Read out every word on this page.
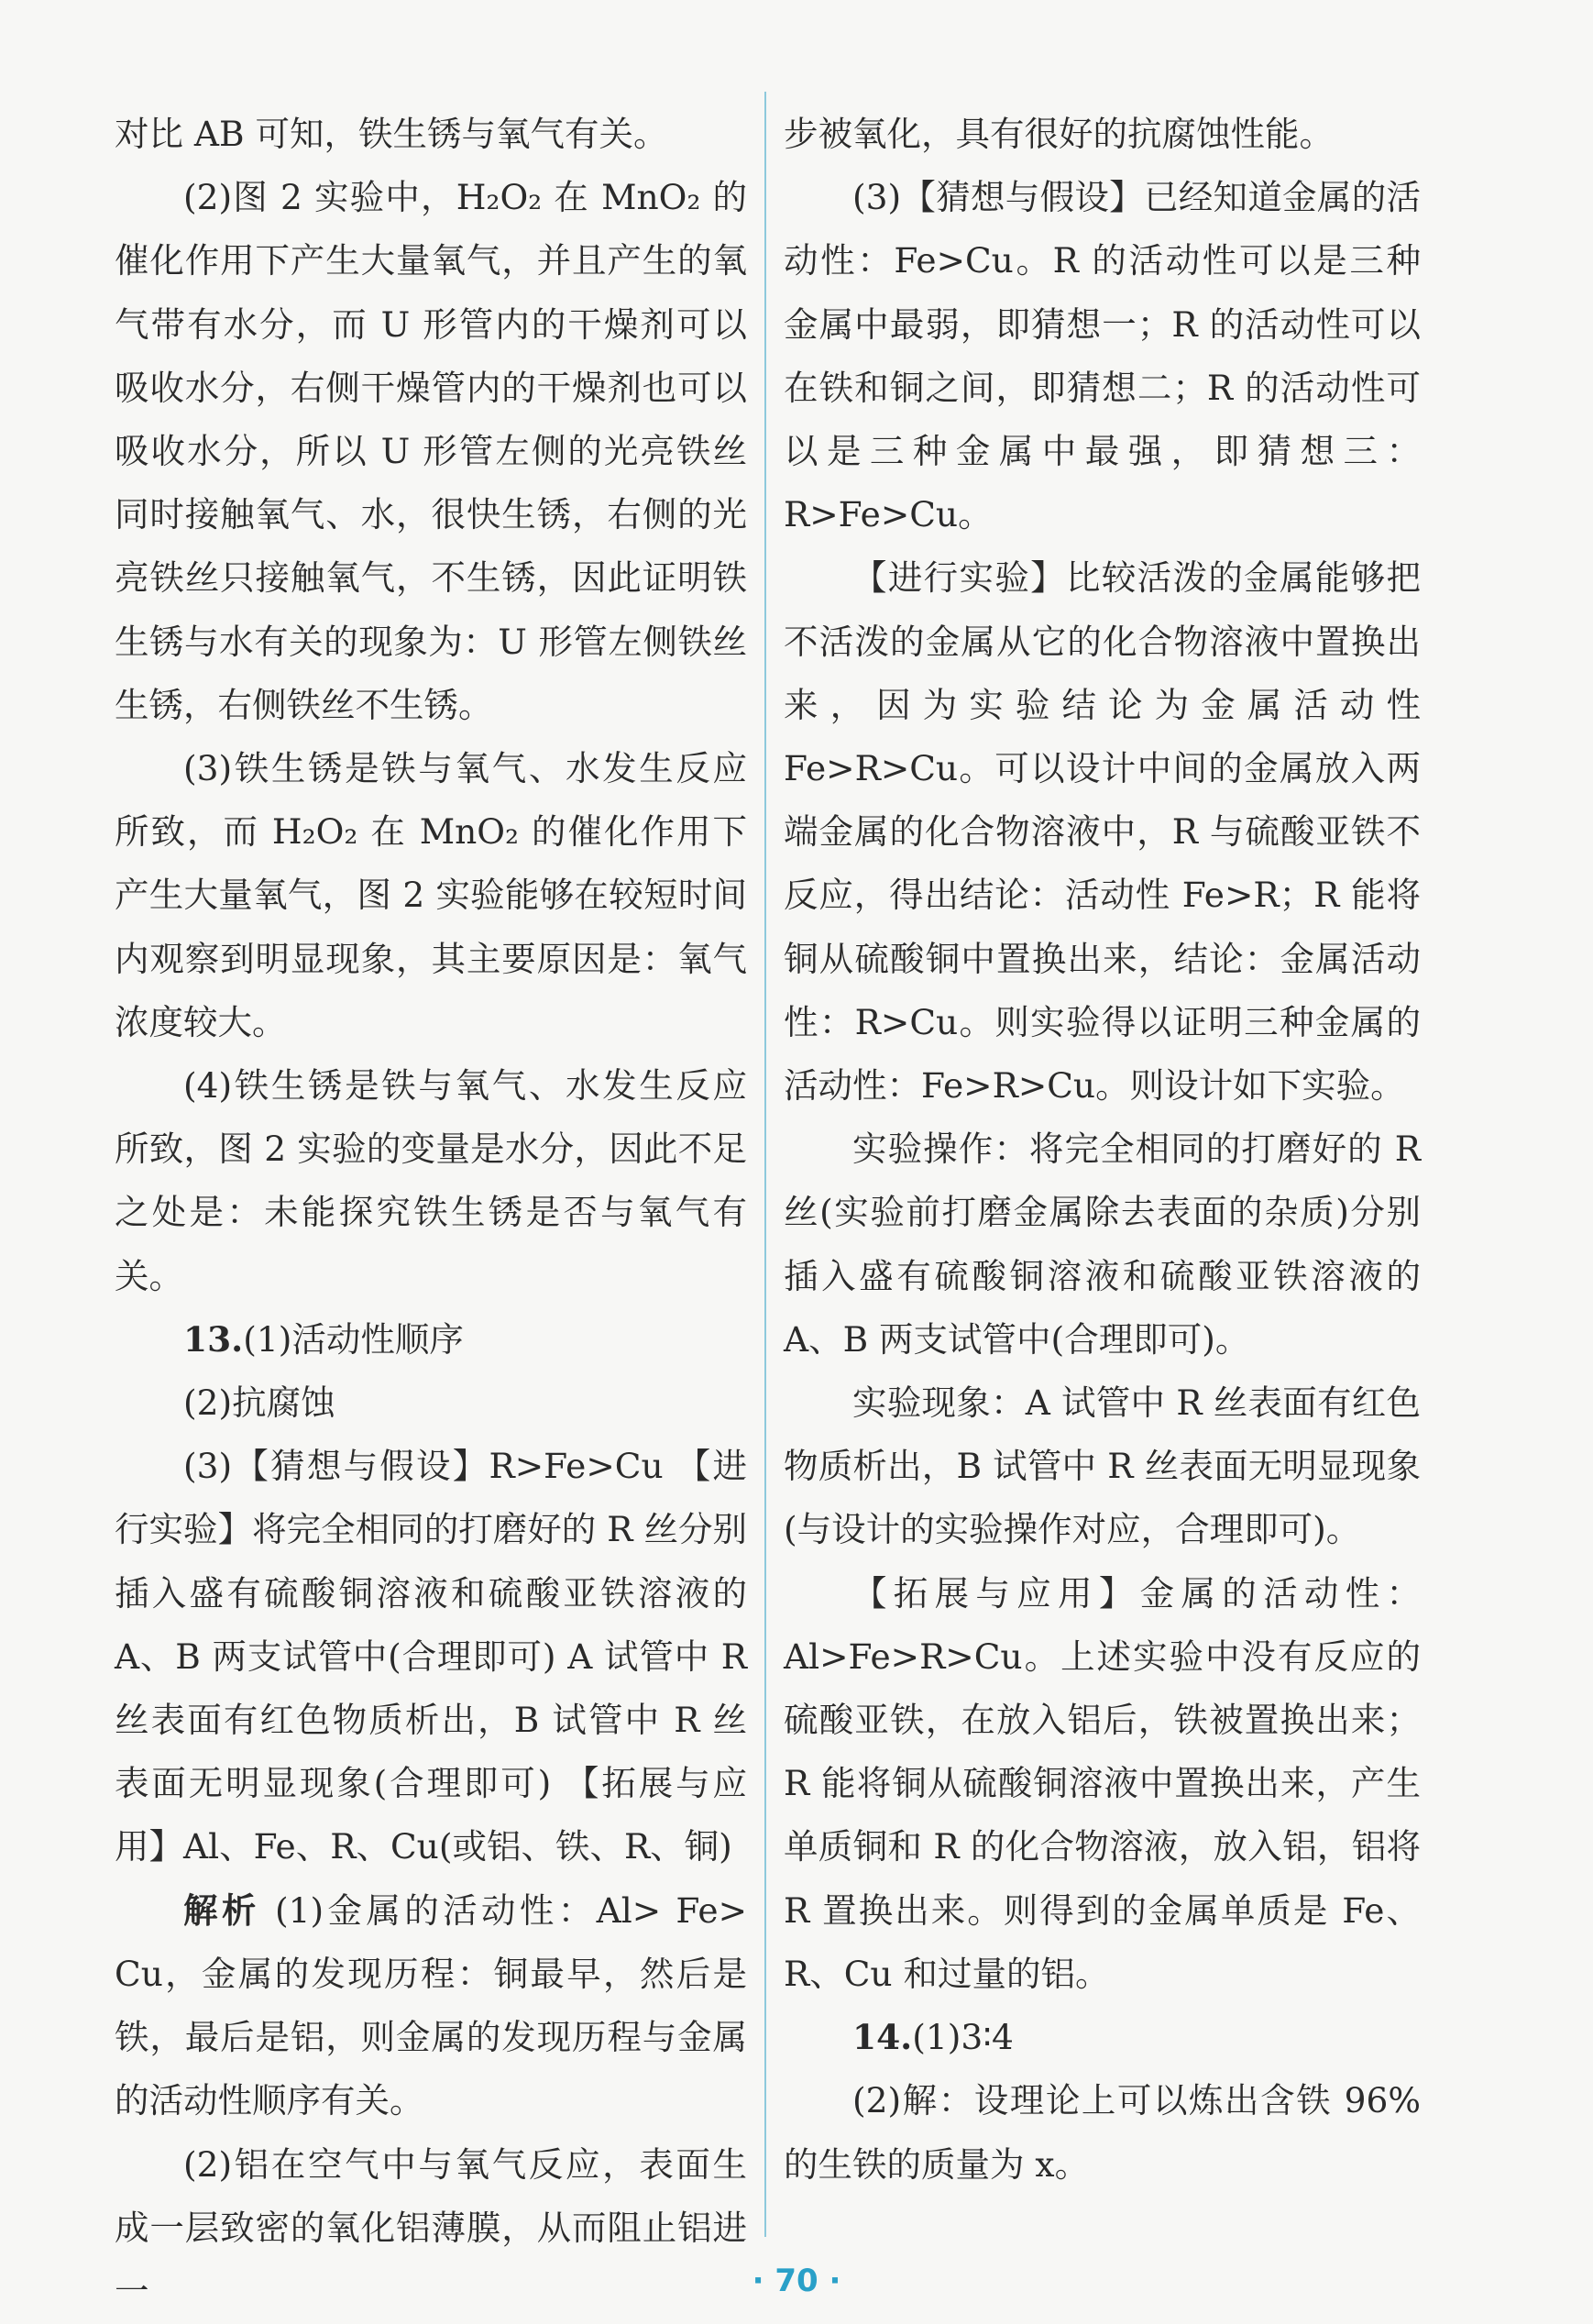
对比 AB 可知，铁生锈与氧气有关。

(2)图 2 实验中，H₂O₂ 在 MnO₂ 的催化作用下产生大量氧气，并且产生的氧气带有水分，而 U 形管内的干燥剂可以吸收水分，右侧干燥管内的干燥剂也可以吸收水分，所以 U 形管左侧的光亮铁丝同时接触氧气、水，很快生锈，右侧的光亮铁丝只接触氧气，不生锈，因此证明铁生锈与水有关的现象为：U 形管左侧铁丝生锈，右侧铁丝不生锈。

(3)铁生锈是铁与氧气、水发生反应所致，而 H₂O₂ 在 MnO₂ 的催化作用下产生大量氧气，图 2 实验能够在较短时间内观察到明显现象，其主要原因是：氧气浓度较大。

(4)铁生锈是铁与氧气、水发生反应所致，图 2 实验的变量是水分，因此不足之处是：未能探究铁生锈是否与氧气有关。

13.(1)活动性顺序

(2)抗腐蚀

(3)【猜想与假设】R>Fe>Cu 【进行实验】将完全相同的打磨好的 R 丝分别插入盛有硫酸铜溶液和硫酸亚铁溶液的 A、B 两支试管中(合理即可) A 试管中 R 丝表面有红色物质析出，B 试管中 R 丝表面无明显现象(合理即可) 【拓展与应用】Al、Fe、R、Cu(或铝、铁、R、铜)

解析 (1)金属的活动性：Al> Fe> Cu，金属的发现历程：铜最早，然后是铁，最后是铝，则金属的发现历程与金属的活动性顺序有关。

(2)铝在空气中与氧气反应，表面生成一层致密的氧化铝薄膜，从而阻止铝进一

步被氧化，具有很好的抗腐蚀性能。

(3)【猜想与假设】已经知道金属的活动性：Fe>Cu。R 的活动性可以是三种金属中最弱，即猜想一；R 的活动性可以在铁和铜之间，即猜想二；R 的活动性可以是三种金属中最强，即猜想三：R>Fe>Cu。

【进行实验】比较活泼的金属能够把不活泼的金属从它的化合物溶液中置换出来，因为实验结论为金属活动性 Fe>R>Cu。可以设计中间的金属放入两端金属的化合物溶液中，R 与硫酸亚铁不反应，得出结论：活动性 Fe>R；R 能将铜从硫酸铜中置换出来，结论：金属活动性：R>Cu。则实验得以证明三种金属的活动性：Fe>R>Cu。则设计如下实验。

实验操作：将完全相同的打磨好的 R 丝(实验前打磨金属除去表面的杂质)分别插入盛有硫酸铜溶液和硫酸亚铁溶液的 A、B 两支试管中(合理即可)。

实验现象：A 试管中 R 丝表面有红色物质析出，B 试管中 R 丝表面无明显现象(与设计的实验操作对应，合理即可)。

【拓展与应用】金属的活动性：Al>Fe>R>Cu。上述实验中没有反应的硫酸亚铁，在放入铝后，铁被置换出来；R 能将铜从硫酸铜溶液中置换出来，产生单质铜和 R 的化合物溶液，放入铝，铝将 R 置换出来。则得到的金属单质是 Fe、R、Cu 和过量的铝。

14.(1)3∶4

(2)解：设理论上可以炼出含铁 96% 的生铁的质量为 x。

· 70 ·
